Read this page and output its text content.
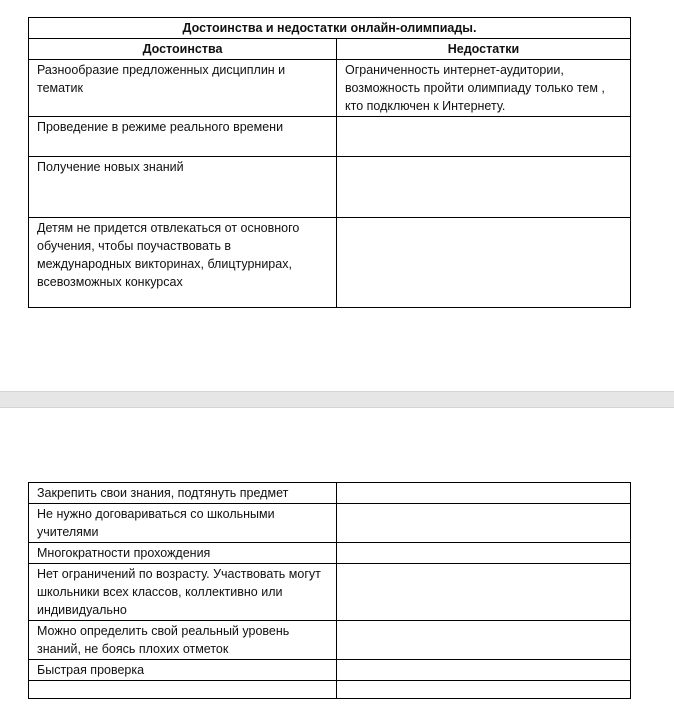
Достоинства и недостатки онлайн-олимпиады.	
Достоинства	Недостатки
Разнообразие предложенных дисциплин и тематик	Ограниченность интернет-аудитории, возможность пройти олимпиаду только тем , кто подключен к Интернету.
Проведение в режиме реального времени	
Получение новых знаний	
Детям не придется отвлекаться от основного обучения, чтобы поучаствовать в международных викторинах, блицтурнирах, всевозможных конкурсах	
Закрепить свои знания, подтянуть предмет	
Не нужно договариваться со школьными учителями	
Многократности прохождения	
Нет ограничений по возрасту. Участвовать могут школьники всех классов, коллективно или индивидуально	
Можно определить свой реальный уровень знаний, не боясь плохих отметок	
Быстрая проверка	
